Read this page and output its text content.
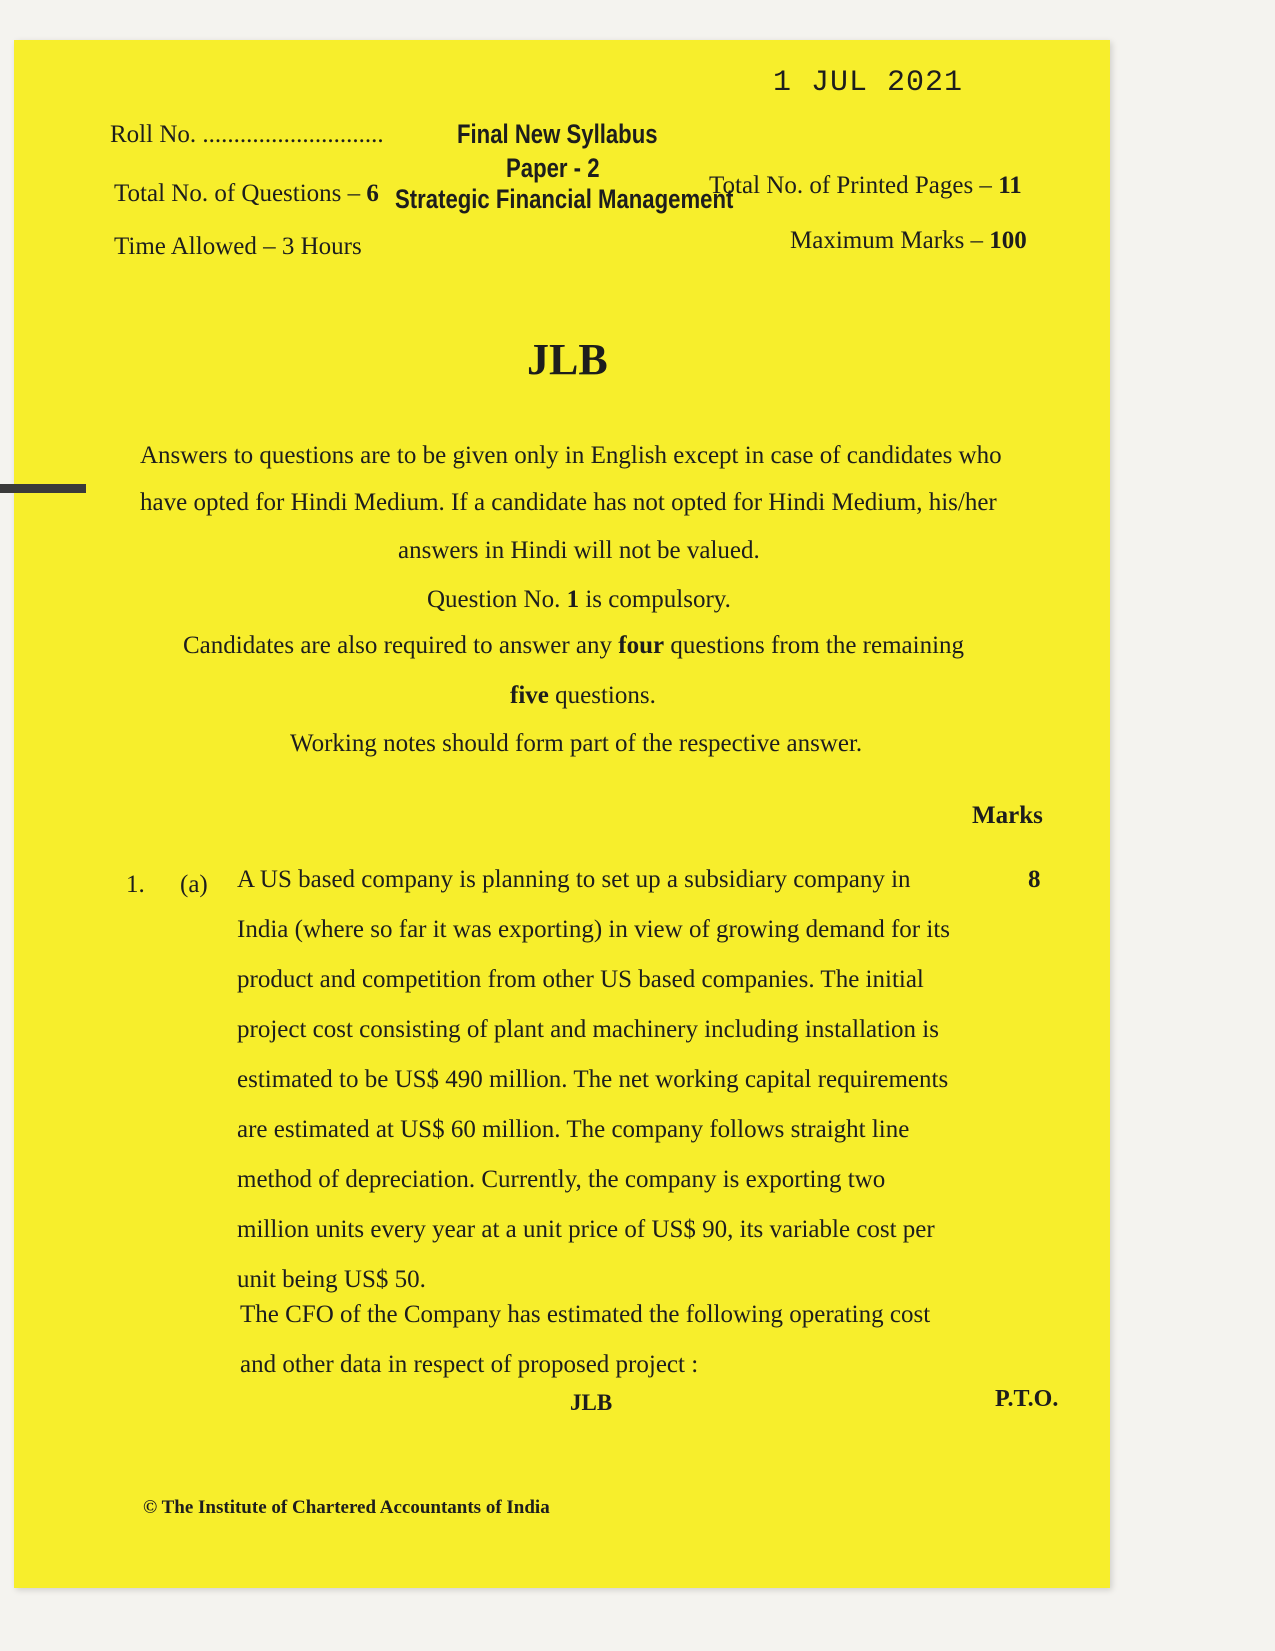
1 JUL 2021
Roll No. .............................	Final New Syllabus
Paper - 2
Total No. of Questions – 6 Strategic Financial Management
Total No. of Printed Pages – 11
Time Allowed – 3 Hours	Maximum Marks – 100
JLB
Answers to questions are to be given only in English except in case of candidates who
have opted for Hindi Medium. If a candidate has not opted for Hindi Medium, his/her
answers in Hindi will not be valued.
Question No. 1 is compulsory.
Candidates are also required to answer any four questions from the remaining
five questions.
Working notes should form part of the respective answer.
Marks
1. (a)	8
A US based company is planning to set up a subsidiary company in
India (where so far it was exporting) in view of growing demand for its
product and competition from other US based companies. The initial
project cost consisting of plant and machinery including installation is
estimated to be US$ 490 million. The net working capital requirements
are estimated at US$ 60 million. The company follows straight line
method of depreciation. Currently, the company is exporting two
million units every year at a unit price of US$ 90, its variable cost per
unit being US$ 50.
The CFO of the Company has estimated the following operating cost
and other data in respect of proposed project :
JLB	P.T.O.
© The Institute of Chartered Accountants of India
